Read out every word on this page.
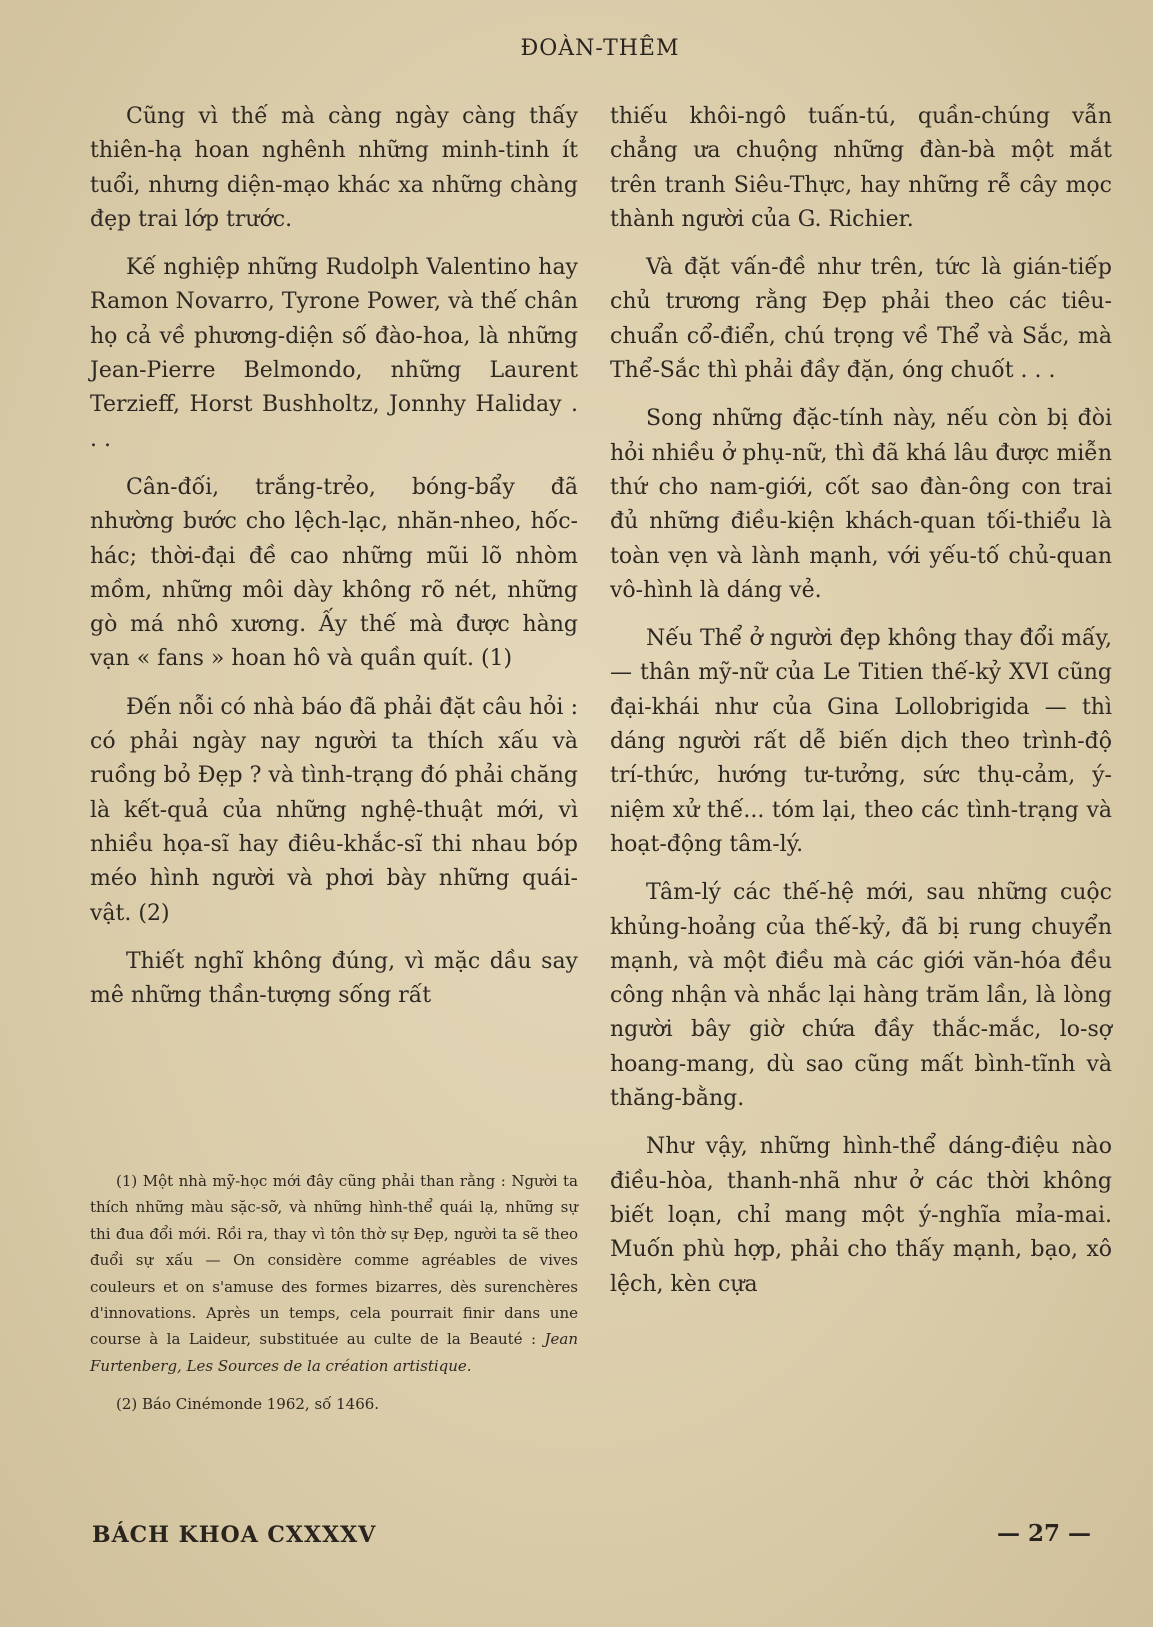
ĐOÀN-THÊM

Cũng vì thế mà càng ngày càng thấy thiên-hạ hoan nghênh những minh-tinh ít tuổi, nhưng diện-mạo khác xa những chàng đẹp trai lớp trước.

Kế nghiệp những Rudolph Valentino hay Ramon Novarro, Tyrone Power, và thế chân họ cả về phương-diện số đào-hoa, là những Jean-Pierre Belmondo, những Laurent Terzieff, Horst Bushholtz, Jonnhy Haliday . . .

Cân-đối, trắng-trẻo, bóng-bẩy đã nhường bước cho lệch-lạc, nhăn-nheo, hốc-hác; thời-đại đề cao những mũi lõ nhòm mồm, những môi dày không rõ nét, những gò má nhô xương. Ấy thế mà được hàng vạn « fans » hoan hô và quần quít. (1)

Đến nỗi có nhà báo đã phải đặt câu hỏi : có phải ngày nay người ta thích xấu và ruồng bỏ Đẹp ? và tình-trạng đó phải chăng là kết-quả của những nghệ-thuật mới, vì nhiều họa-sĩ hay điêu-khắc-sĩ thi nhau bóp méo hình người và phơi bày những quái-vật. (2)

Thiết nghĩ không đúng, vì mặc dầu say mê những thần-tượng sống rất

thiếu khôi-ngô tuấn-tú, quần-chúng vẫn chẳng ưa chuộng những đàn-bà một mắt trên tranh Siêu-Thực, hay những rễ cây mọc thành người của G. Richier.

Và đặt vấn-đề như trên, tức là gián-tiếp chủ trương rằng Đẹp phải theo các tiêu-chuẩn cổ-điển, chú trọng về Thể và Sắc, mà Thể-Sắc thì phải đầy đặn, óng chuốt . . .

Song những đặc-tính này, nếu còn bị đòi hỏi nhiều ở phụ-nữ, thì đã khá lâu được miễn thứ cho nam-giới, cốt sao đàn-ông con trai đủ những điều-kiện khách-quan tối-thiểu là toàn vẹn và lành mạnh, với yếu-tố chủ-quan vô-hình là dáng vẻ.

Nếu Thể ở người đẹp không thay đổi mấy, — thân mỹ-nữ của Le Titien thế-kỷ XVI cũng đại-khái như của Gina Lollobrigida — thì dáng người rất dễ biến dịch theo trình-độ trí-thức, hướng tư-tưởng, sức thụ-cảm, ý-niệm xử thế... tóm lại, theo các tình-trạng và hoạt-động tâm-lý.

Tâm-lý các thế-hệ mới, sau những cuộc khủng-hoảng của thế-kỷ, đã bị rung chuyển mạnh, và một điều mà các giới văn-hóa đều công nhận và nhắc lại hàng trăm lần, là lòng người bây giờ chứa đầy thắc-mắc, lo-sợ hoang-mang, dù sao cũng mất bình-tĩnh và thăng-bằng.

Như vậy, những hình-thể dáng-điệu nào điều-hòa, thanh-nhã như ở các thời không biết loạn, chỉ mang một ý-nghĩa mỉa-mai. Muốn phù hợp, phải cho thấy mạnh, bạo, xô lệch, kèn cựa

(1) Một nhà mỹ-học mới đây cũng phải than rằng : Người ta thích những màu sặc-sỡ, và những hình-thể quái lạ, những sự thi đua đổi mới. Rồi ra, thay vì tôn thờ sự Đẹp, người ta sẽ theo đuổi sự xấu — On considère comme agréables de vives couleurs et on s'amuse des formes bizarres, dès surenchères d'innovations. Après un temps, cela pourrait finir dans une course à la Laideur, substituée au culte de la Beauté : Jean Furtenberg, Les Sources de la création artistique.

(2) Báo Cinémonde 1962, số 1466.

BÁCH KHOA CXXXXV	— 27 —
